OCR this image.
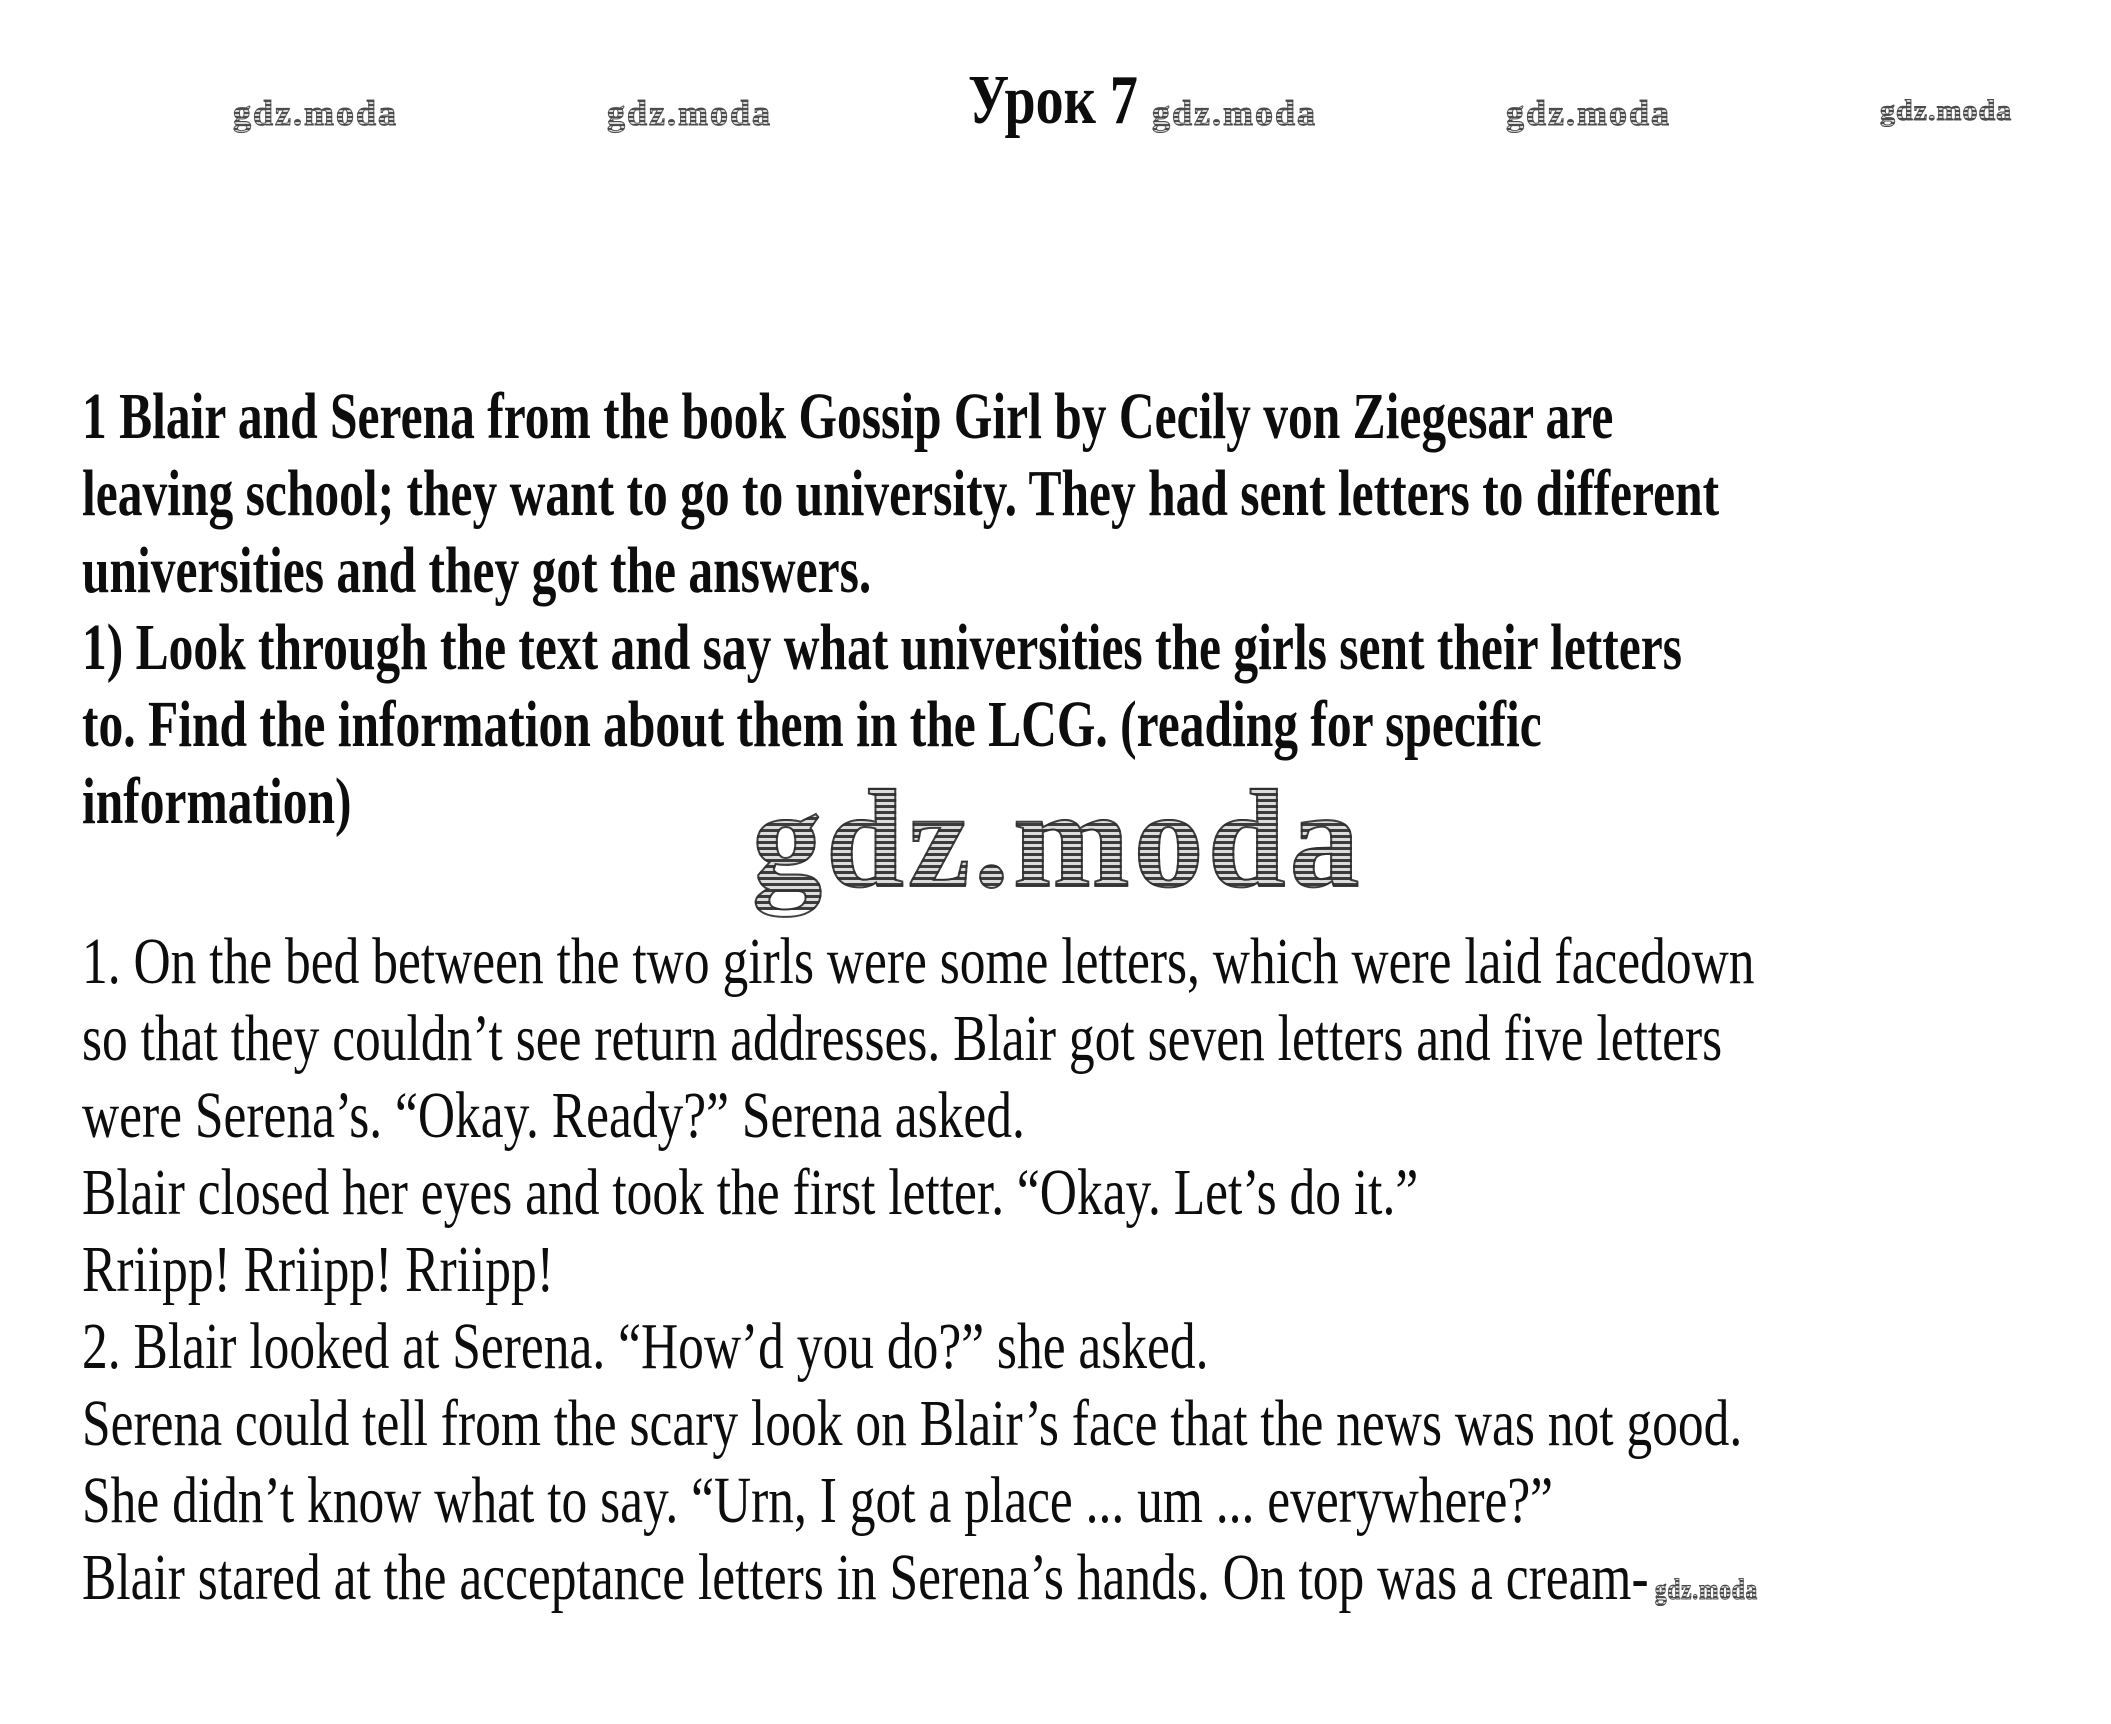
gdz.moda	gdz.moda	Урок 7 gdz.moda	gdz.moda	gdz.moda
1 Blair and Serena from the book Gossip Girl by Cecily von Ziegesar are
leaving school; they want to go to university. They had sent letters to different
universities and they got the answers.
1) Look through the text and say what universities the girls sent their letters
to. Find the information about them in the LCG. (reading for specific
information)	gdz.moda
1. On the bed between the two girls were some letters, which were laid facedown
so that they couldn’t see return addresses. Blair got seven letters and five letters
were Serena’s. “Okay. Ready?” Serena asked.
Blair closed her eyes and took the first letter. “Okay. Let’s do it.”
Rriipp! Rriipp! Rriipp!
2. Blair looked at Serena. “How’d you do?” she asked.
Serena could tell from the scary look on Blair’s face that the news was not good.
She didn’t know what to say. “Urn, I got a place ... um ... everywhere?”
Blair stared at the acceptance letters in Serena’s hands. On top was a cream- gdz.moda
